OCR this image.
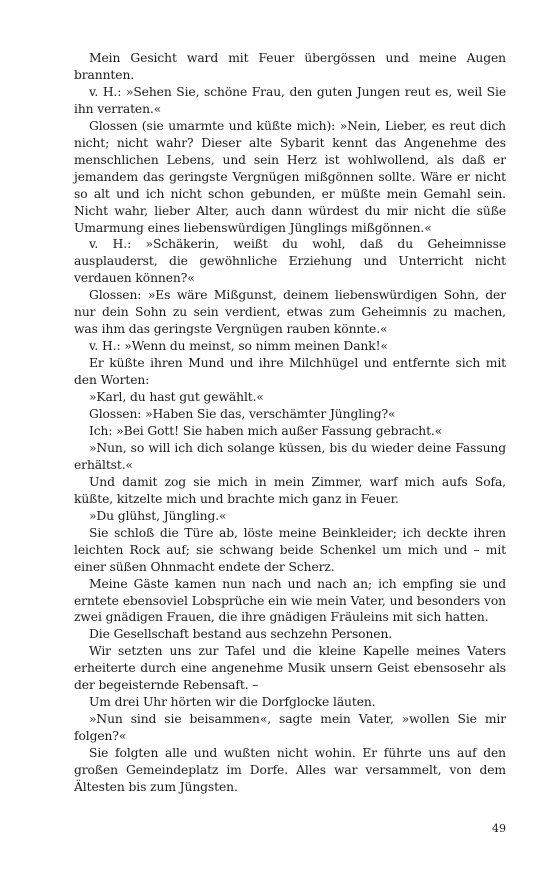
Mein Gesicht ward mit Feuer übergössen und meine Augen brannten.

v. H.: »Sehen Sie, schöne Frau, den guten Jungen reut es, weil Sie ihn verraten.«

Glossen (sie umarmte und küßte mich): »Nein, Lieber, es reut dich nicht; nicht wahr? Dieser alte Sybarit kennt das Angenehme des menschlichen Lebens, und sein Herz ist wohlwollend, als daß er jemandem das geringste Vergnügen mißgönnen sollte. Wäre er nicht so alt und ich nicht schon gebunden, er müßte mein Gemahl sein. Nicht wahr, lieber Alter, auch dann würdest du mir nicht die süße Umarmung eines liebenswürdigen Jünglings mißgönnen.«

v. H.: »Schäkerin, weißt du wohl, daß du Geheimnisse ausplauderst, die gewöhnliche Erziehung und Unterricht nicht verdauen können?«

Glossen: »Es wäre Mißgunst, deinem liebenswürdigen Sohn, der nur dein Sohn zu sein verdient, etwas zum Geheimnis zu machen, was ihm das geringste Vergnügen rauben könnte.«

v. H.: »Wenn du meinst, so nimm meinen Dank!«

Er küßte ihren Mund und ihre Milchhügel und entfernte sich mit den Worten:

»Karl, du hast gut gewählt.«

Glossen: »Haben Sie das, verschämter Jüngling?«

Ich: »Bei Gott! Sie haben mich außer Fassung gebracht.«

»Nun, so will ich dich solange küssen, bis du wieder deine Fassung erhältst.«

Und damit zog sie mich in mein Zimmer, warf mich aufs Sofa, küßte, kitzelte mich und brachte mich ganz in Feuer.

»Du glühst, Jüngling.«

Sie schloß die Türe ab, löste meine Beinkleider; ich deckte ihren leichten Rock auf; sie schwang beide Schenkel um mich und – mit einer süßen Ohnmacht endete der Scherz.

Meine Gäste kamen nun nach und nach an; ich empfing sie und erntete ebensoviel Lobsprüche ein wie mein Vater, und besonders von zwei gnädigen Frauen, die ihre gnädigen Fräuleins mit sich hatten.

Die Gesellschaft bestand aus sechzehn Personen.

Wir setzten uns zur Tafel und die kleine Kapelle meines Vaters erheiterte durch eine angenehme Musik unsern Geist ebensosehr als der begeisternde Rebensaft. –

Um drei Uhr hörten wir die Dorfglocke läuten.

»Nun sind sie beisammen«, sagte mein Vater, »wollen Sie mir folgen?«

Sie folgten alle und wußten nicht wohin. Er führte uns auf den großen Gemeindeplatz im Dorfe. Alles war versammelt, von dem Ältesten bis zum Jüngsten.

49
